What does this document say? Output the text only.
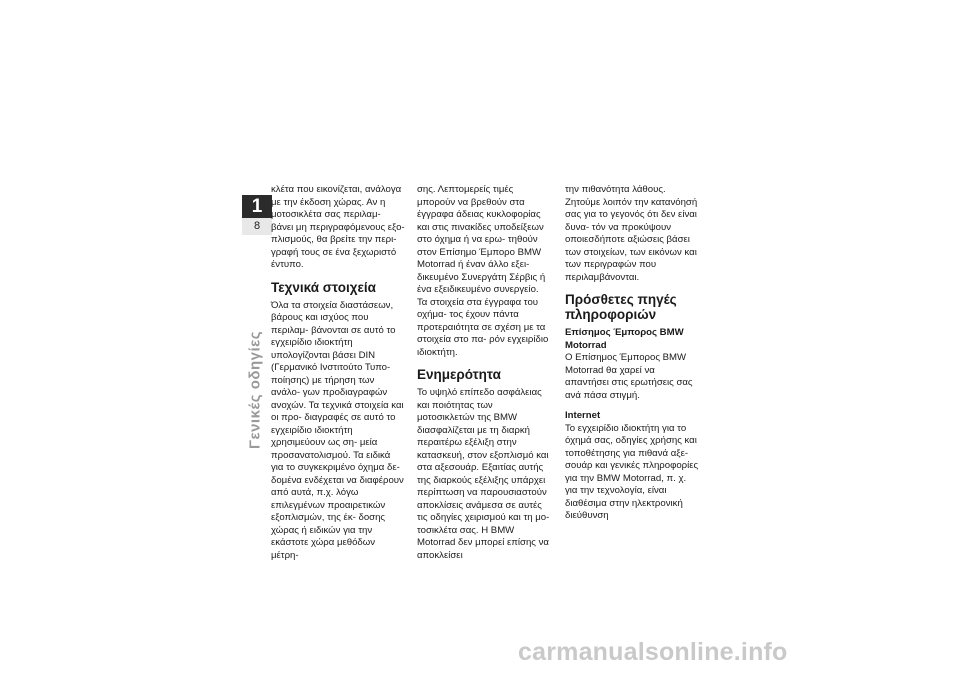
1
8
Γενικές οδηγίες

κλέτα που εικονίζεται, ανάλογα με την έκδοση χώρας. Αν η μοτοσικλέτα σας περιλαμ- βάνει μη περιγραφόμενους εξο- πλισμούς, θα βρείτε την περι- γραφή τους σε ένα ξεχωριστό έντυπο.

Τεχνικά στοιχεία

Όλα τα στοιχεία διαστάσεων, βάρους και ισχύος που περιλαμ- βάνονται σε αυτό το εγχειρίδιο ιδιοκτήτη υπολογίζονται βάσει DIN (Γερμανικό Ινστιτούτο Τυπο- ποίησης) με τήρηση των ανάλο- γων προδιαγραφών ανοχών. Τα τεχνικά στοιχεία και οι προ- διαγραφές σε αυτό το εγχειρίδιο ιδιοκτήτη χρησιμεύουν ως ση- μεία προσανατολισμού. Τα ειδικά για το συγκεκριμένο όχημα δε- δομένα ενδέχεται να διαφέρουν από αυτά, π.χ. λόγω επιλεγμένων προαιρετικών εξοπλισμών, της έκ- δοσης χώρας ή ειδικών για την εκάστοτε χώρα μεθόδων μέτρη-

σης. Λεπτομερείς τιμές μπορούν να βρεθούν στα έγγραφα άδειας κυκλοφορίας και στις πινακίδες υποδείξεων στο όχημα ή να ερω- τηθούν στον Επίσημο Έμπορο BMW Motorrad ή έναν άλλο εξει- δικευμένο Συνεργάτη Σέρβις ή ένα εξειδικευμένο συνεργείο. Τα στοιχεία στα έγγραφα του οχήμα- τος έχουν πάντα προτεραιότητα σε σχέση με τα στοιχεία στο πα- ρόν εγχειρίδιο ιδιοκτήτη.

Ενημερότητα

Το υψηλό επίπεδο ασφάλειας και ποιότητας των μοτοσικλετών της BMW διασφαλίζεται με τη διαρκή περαιτέρω εξέλιξη στην κατασκευή, στον εξοπλισμό και στα αξεσουάρ. Εξαιτίας αυτής της διαρκούς εξέλιξης υπάρχει περίπτωση να παρουσιαστούν αποκλίσεις ανάμεσα σε αυτές τις οδηγίες χειρισμού και τη μο- τοσικλέτα σας. Η BMW Motorrad δεν μπορεί επίσης να αποκλείσει

την πιθανότητα λάθους. Ζητούμε λοιπόν την κατανόησή σας για το γεγονός ότι δεν είναι δυνα- τόν να προκύψουν οποιεσδήποτε αξιώσεις βάσει των στοιχείων, των εικόνων και των περιγραφών που περιλαμβάνονται.

Πρόσθετες πηγές πληροφοριών
Επίσημος Έμπορος BMW Motorrad

Ο Επίσημος Έμπορος BMW Motorrad θα χαρεί να απαντήσει στις ερωτήσεις σας ανά πάσα στιγμή.

Internet

Το εγχειρίδιο ιδιοκτήτη για το όχημά σας, οδηγίες χρήσης και τοποθέτησης για πιθανά αξε- σουάρ και γενικές πληροφορίες για την BMW Motorrad, π. χ. για την τεχνολογία, είναι διαθέσιμα στην ηλεκτρονική διεύθυνση

carmanualsonline.info
